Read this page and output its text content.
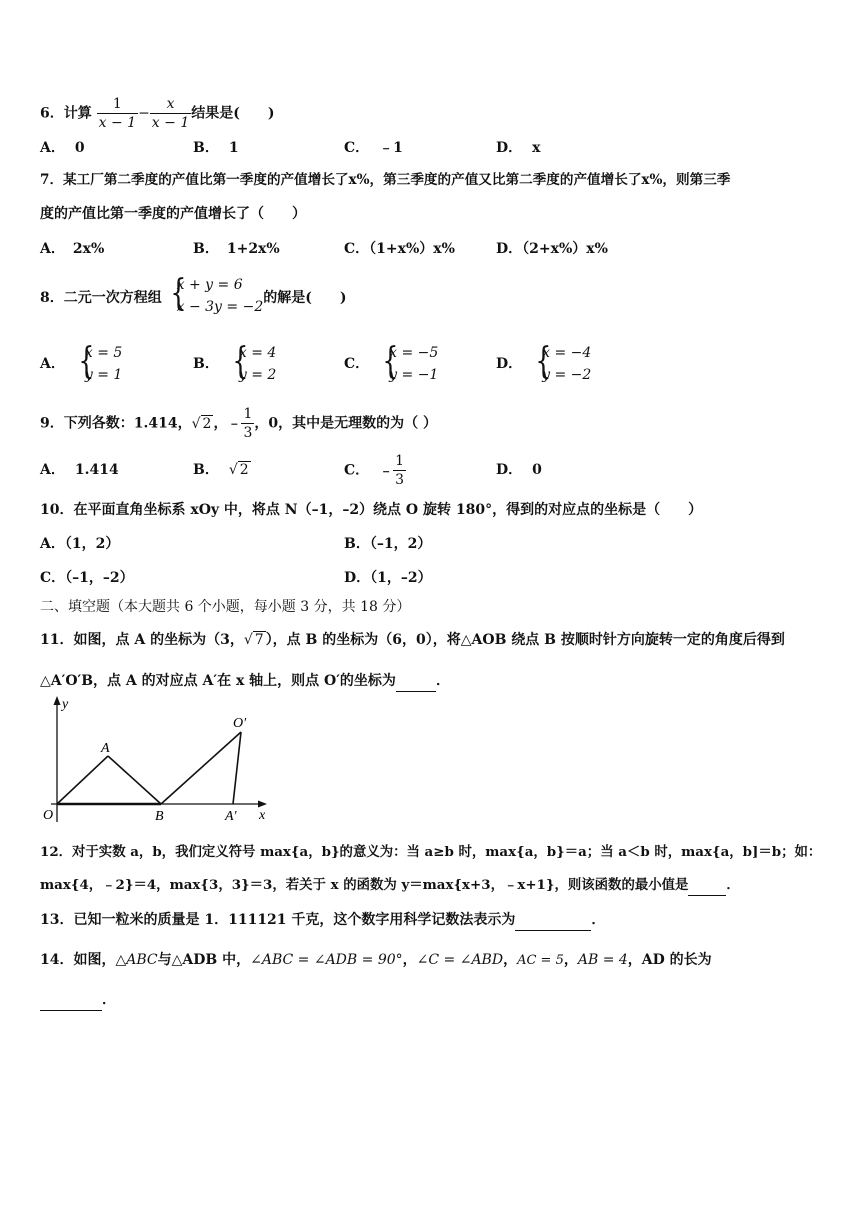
6．计算 $\frac{1}{x - 1} - \frac{x}{x - 1}$ 结果是(　　)
A． 0	B． 1	C． ﹣1	D． x
7．某工厂第二季度的产值比第一季度的产值增长了x%，第三季度的产值又比第二季度的产值增长了x%，则第三季
度的产值比第一季度的产值增长了（　　）
A． 2x%	B． 1+2x%	C．（1+x%）x%	D．（2+x%）x%
8．二元一次方程组 {
x + y = 6
x − 3y = −2
的解是(　　)
A． {
x = 5
y = 1
B． {
x = 4
y = 2
C． {
x = −5
y = −1
D． {
x = −4
y = −2
9．下列各数：1.414，√ 2 ，﹣ $\frac{1}{3}$ ，0，其中是无理数的为（ ）
A． 1.414	B． √ 2	C． ﹣ $\frac{1}{3}$	D． 0
10．在平面直角坐标系 xOy 中，将点 N（–1，–2）绕点 O 旋转 180°，得到的对应点的坐标是（　　）
A．（1，2）	B．（–1，2）
C．（–1，–2）	D．（1，–2）
二、填空题（本大题共 6 个小题，每小题 3 分，共 18 分）
11．如图，点 A 的坐标为（3，√ 7 ），点 B 的坐标为（6，0），将△AOB 绕点 B 按顺时针方向旋转一定的角度后得到
△A′O′B，点 A 的对应点 A′在 x 轴上，则点 O′的坐标为	．
y
x
O
A
B
O′
A′
12．对于实数 a，b，我们定义符号 max{a，b}的意义为：当 a≥b 时，max{a，b}＝a；当 a＜b 时，max{a，b]＝b；如：
max{4，﹣2}＝4，max{3，3}＝3，若关于 x 的函数为 y＝max{x+3，﹣x+1}，则该函数的最小值是	．
13．已知一粒米的质量是 1．111121 千克，这个数字用科学记数法表示为	．
14．如图，△ABC与△ADB 中，∠ABC = ∠ADB = 90°，∠C = ∠ABD，AC = 5，AB = 4，AD 的长为
．
